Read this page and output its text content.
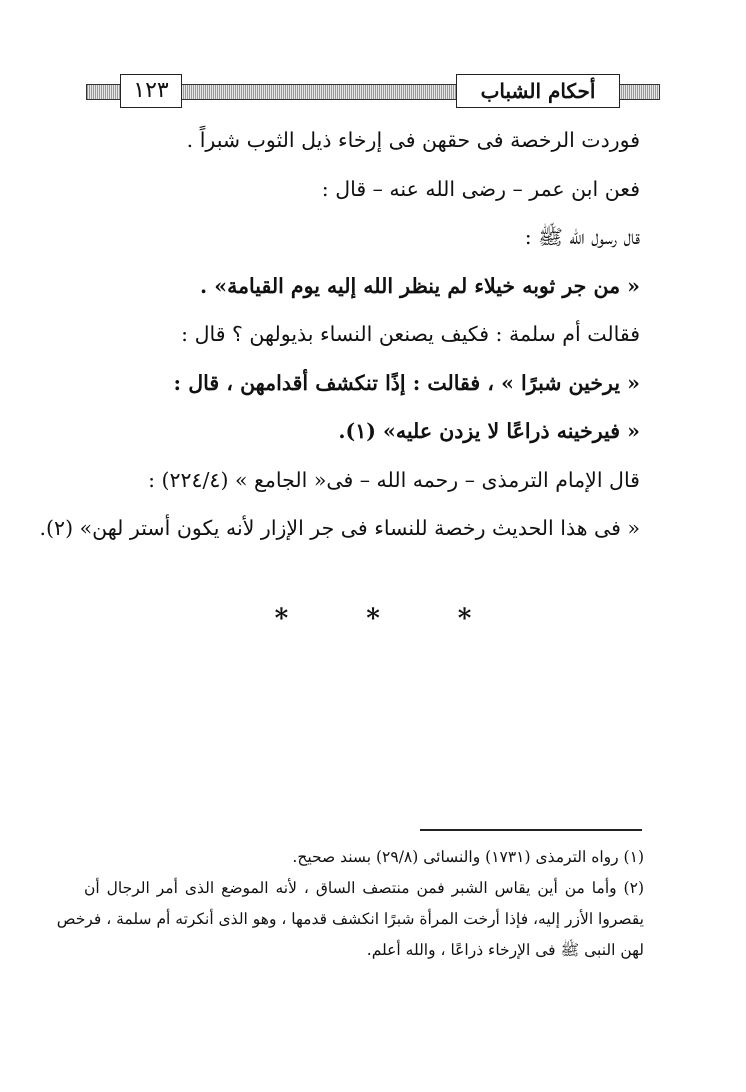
١٢٣	أحكام الشباب
فوردت الرخصة فى حقهن فى إرخاء ذيل الثوب شبراً .
فعن ابن عمر – رضى الله عنه – قال :
قال رسول الله ﷺ :
« من جر ثوبه خيلاء لم ينظر الله إليه يوم القيامة» .
فقالت أم سلمة : فكيف يصنعن النساء بذيولهن ؟ قال :
« يرخين شبرًا » ، فقالت : إذًا تنكشف أقدامهن ، قال :
« فيرخينه ذراعًا لا يزدن عليه» (١).
قال الإمام الترمذى – رحمه الله – فى« الجامع » (٢٢٤/٤) :
« فى هذا الحديث رخصة للنساء فى جر الإزار لأنه يكون أستر لهن» (٢).
*	*	*
(١) رواه الترمذى (١٧٣١) والنسائى (٢٩/٨) بسند صحيح.
(٢) وأما من أين يقاس الشبر فمن منتصف الساق ، لأنه الموضع الذى أمر الرجال أن
يقصروا الأزر إليه، فإذا أرخت المرأة شبرًا انكشف قدمها ، وهو الذى أنكرته أم سلمة ، فرخص
لهن النبى ﷺ فى الإرخاء ذراعًا ، والله أعلم.
